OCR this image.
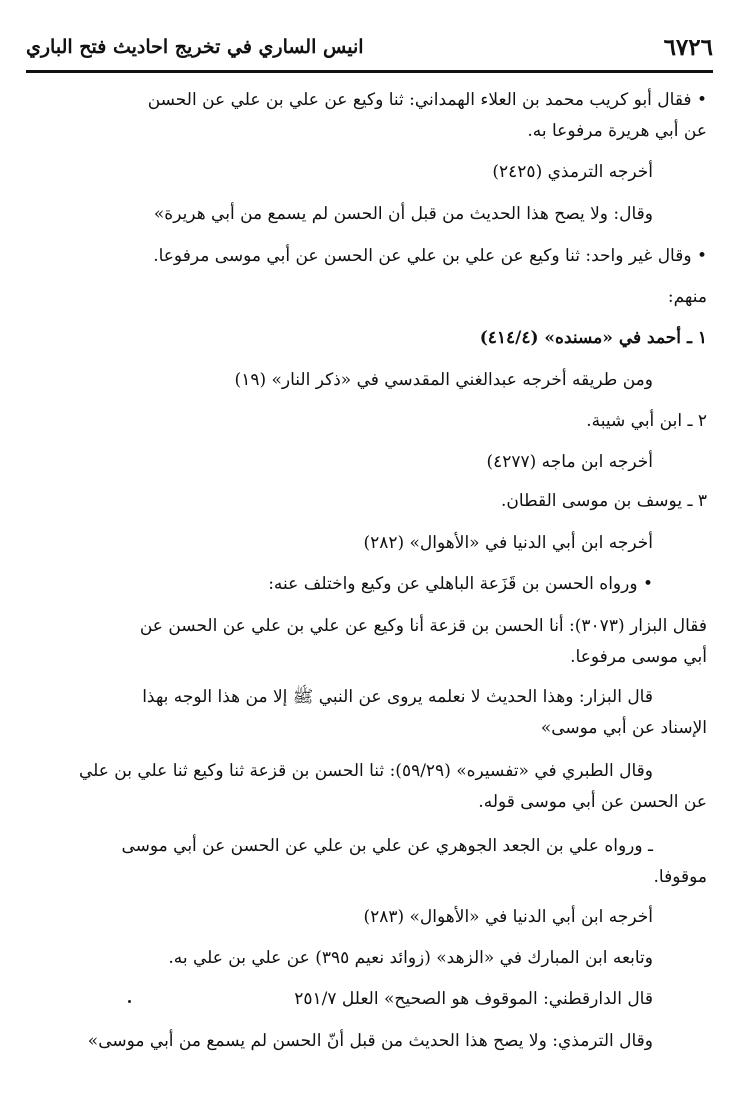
٦٧٢٦
انيس الساري في تخريج احاديث فتح الباري
• فقال أبو كريب محمد بن العلاء الهمداني: ثنا وكيع عن علي بن علي عن الحسن
عن أبي هريرة مرفوعا به.
أخرجه الترمذي (٢٤٢٥)
وقال: ولا يصح هذا الحديث من قبل أن الحسن لم يسمع من أبي هريرة»
• وقال غير واحد: ثنا وكيع عن علي بن علي عن الحسن عن أبي موسى مرفوعا.
منهم:
١ ـ أحمد في «مسنده» (٤١٤/٤)
ومن طريقه أخرجه عبدالغني المقدسي في «ذكر النار» (١٩)
٢ ـ ابن أبي شيبة.
أخرجه ابن ماجه (٤٢٧٧)
٣ ـ يوسف بن موسى القطان.
أخرجه ابن أبي الدنيا في «الأهوال» (٢٨٢)
• ورواه الحسن بن قَزَعة الباهلي عن وكيع واختلف عنه:
فقال البزار (٣٠٧٣): أنا الحسن بن قزعة أنا وكيع عن علي بن علي عن الحسن عن
أبي موسى مرفوعا.
قال البزار: وهذا الحديث لا نعلمه يروى عن النبي ﷺ إلا من هذا الوجه بهذا
الإسناد عن أبي موسى»
وقال الطبري في «تفسيره» (٥٩/٢٩): ثنا الحسن بن قزعة ثنا وكيع ثنا علي بن علي
عن الحسن عن أبي موسى قوله.
ـ ورواه علي بن الجعد الجوهري عن علي بن علي عن الحسن عن أبي موسى
موقوفا.
أخرجه ابن أبي الدنيا في «الأهوال» (٢٨٣)
وتابعه ابن المبارك في «الزهد» (زوائد نعيم ٣٩٥) عن علي بن علي به.
قال الدارقطني: الموقوف هو الصحيح» العلل ٢٥١/٧
وقال الترمذي: ولا يصح هذا الحديث من قبل أنّ الحسن لم يسمع من أبي موسى»
